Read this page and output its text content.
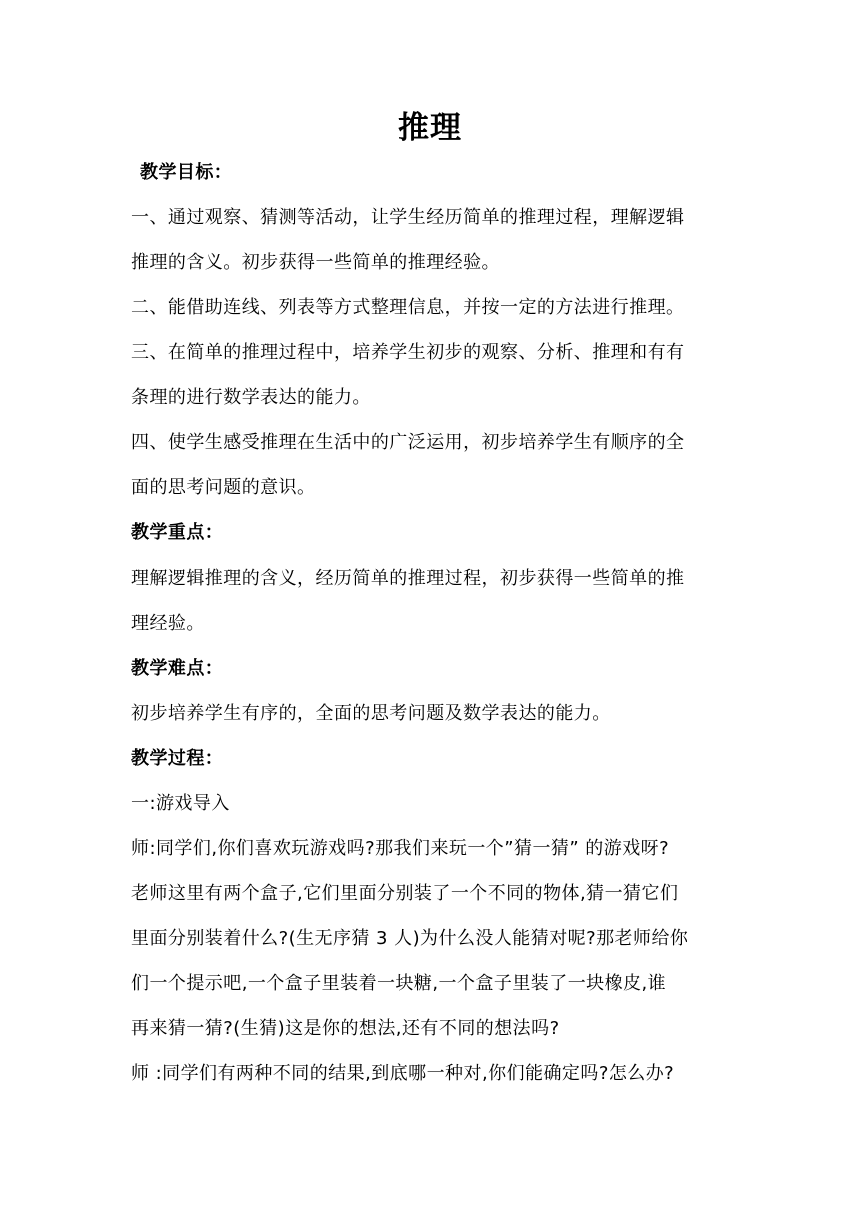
推理
教学目标：
一、通过观察、猜测等活动，让学生经历简单的推理过程，理解逻辑
推理的含义。初步获得一些简单的推理经验。
二、能借助连线、列表等方式整理信息，并按一定的方法进行推理。
三、在简单的推理过程中，培养学生初步的观察、分析、推理和有有
条理的进行数学表达的能力。
四、使学生感受推理在生活中的广泛运用，初步培养学生有顺序的全
面的思考问题的意识。
教学重点：
理解逻辑推理的含义，经历简单的推理过程，初步获得一些简单的推
理经验。
教学难点：
初步培养学生有序的，全面的思考问题及数学表达的能力。
教学过程：
一:游戏导入
师:同学们,你们喜欢玩游戏吗?那我们来玩一个”猜一猜” 的游戏呀?
老师这里有两个盒子,它们里面分别装了一个不同的物体,猜一猜它们
里面分别装着什么?(生无序猜 3 人)为什么没人能猜对呢?那老师给你
们一个提示吧,一个盒子里装着一块糖,一个盒子里装了一块橡皮,谁
再来猜一猜?(生猜)这是你的想法,还有不同的想法吗?
师 :同学们有两种不同的结果,到底哪一种对,你们能确定吗?怎么办?
